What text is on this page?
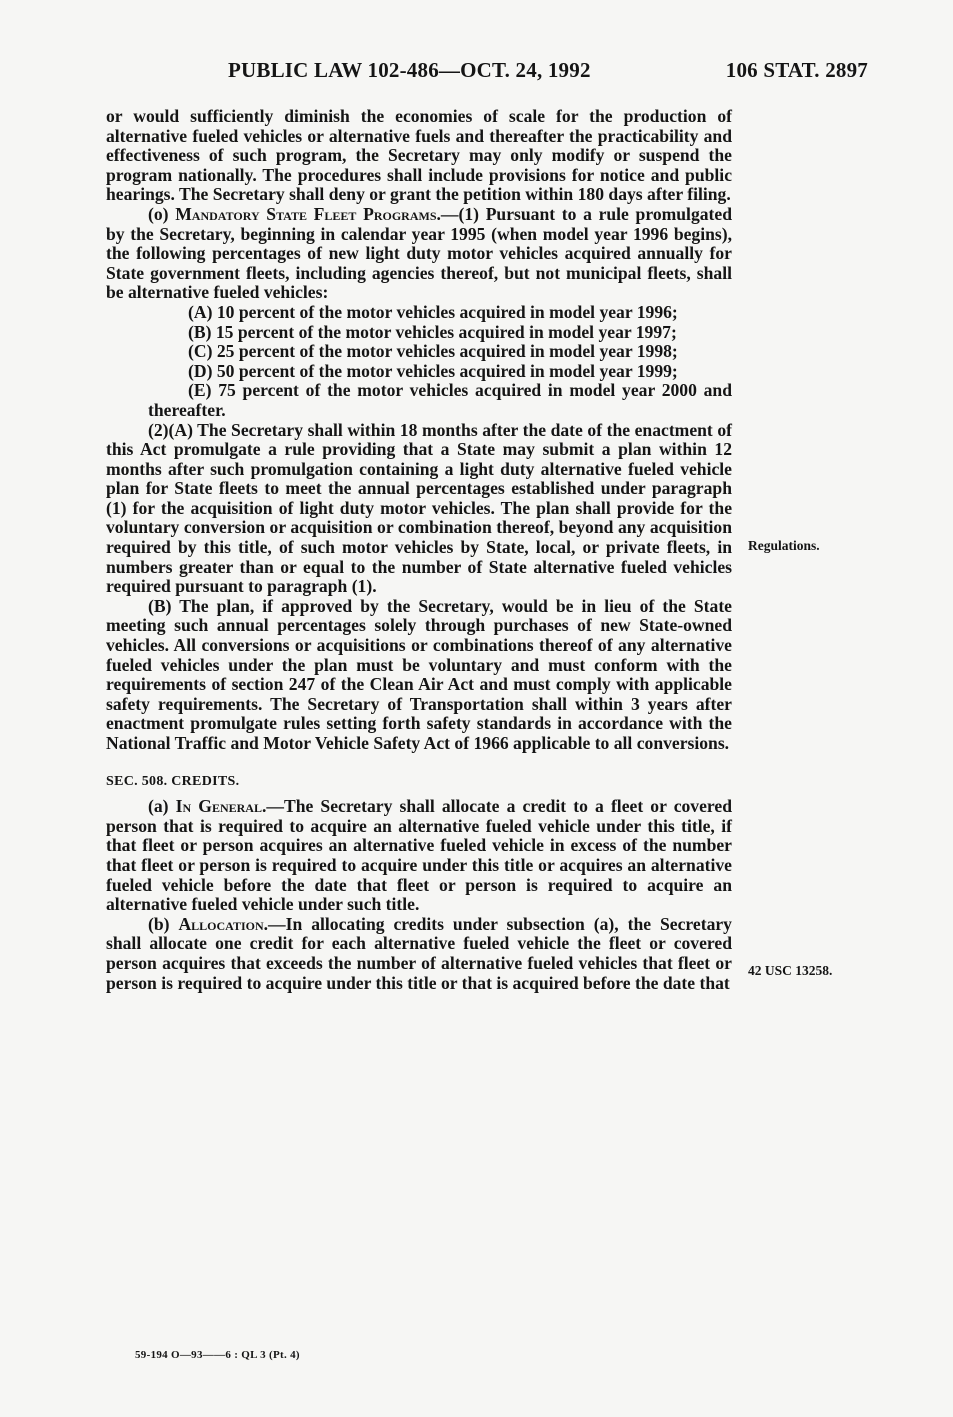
PUBLIC LAW 102-486—OCT. 24, 1992	106 STAT. 2897

or would sufficiently diminish the economies of scale for the production of alternative fueled vehicles or alternative fuels and thereafter the practicability and effectiveness of such program, the Secretary may only modify or suspend the program nationally. The procedures shall include provisions for notice and public hearings. The Secretary shall deny or grant the petition within 180 days after filing.

(o) Mandatory State Fleet Programs.—(1) Pursuant to a rule promulgated by the Secretary, beginning in calendar year 1995 (when model year 1996 begins), the following percentages of new light duty motor vehicles acquired annually for State government fleets, including agencies thereof, but not municipal fleets, shall be alternative fueled vehicles:

(A) 10 percent of the motor vehicles acquired in model year 1996;

(B) 15 percent of the motor vehicles acquired in model year 1997;

(C) 25 percent of the motor vehicles acquired in model year 1998;

(D) 50 percent of the motor vehicles acquired in model year 1999;

(E) 75 percent of the motor vehicles acquired in model year 2000 and thereafter.

(2)(A) The Secretary shall within 18 months after the date of the enactment of this Act promulgate a rule providing that a State may submit a plan within 12 months after such promulgation containing a light duty alternative fueled vehicle plan for State fleets to meet the annual percentages established under paragraph (1) for the acquisition of light duty motor vehicles. The plan shall provide for the voluntary conversion or acquisition or combination thereof, beyond any acquisition required by this title, of such motor vehicles by State, local, or private fleets, in numbers greater than or equal to the number of State alternative fueled vehicles required pursuant to paragraph (1).

(B) The plan, if approved by the Secretary, would be in lieu of the State meeting such annual percentages solely through purchases of new State-owned vehicles. All conversions or acquisitions or combinations thereof of any alternative fueled vehicles under the plan must be voluntary and must conform with the requirements of section 247 of the Clean Air Act and must comply with applicable safety requirements. The Secretary of Transportation shall within 3 years after enactment promulgate rules setting forth safety standards in accordance with the National Traffic and Motor Vehicle Safety Act of 1966 applicable to all conversions.

SEC. 508. CREDITS.

(a) In General.—The Secretary shall allocate a credit to a fleet or covered person that is required to acquire an alternative fueled vehicle under this title, if that fleet or person acquires an alternative fueled vehicle in excess of the number that fleet or person is required to acquire under this title or acquires an alternative fueled vehicle before the date that fleet or person is required to acquire an alternative fueled vehicle under such title.

(b) Allocation.—In allocating credits under subsection (a), the Secretary shall allocate one credit for each alternative fueled vehicle the fleet or covered person acquires that exceeds the number of alternative fueled vehicles that fleet or person is required to acquire under this title or that is acquired before the date that

Regulations.
42 USC 13258.
59-194 O—93——6 : QL 3 (Pt. 4)
